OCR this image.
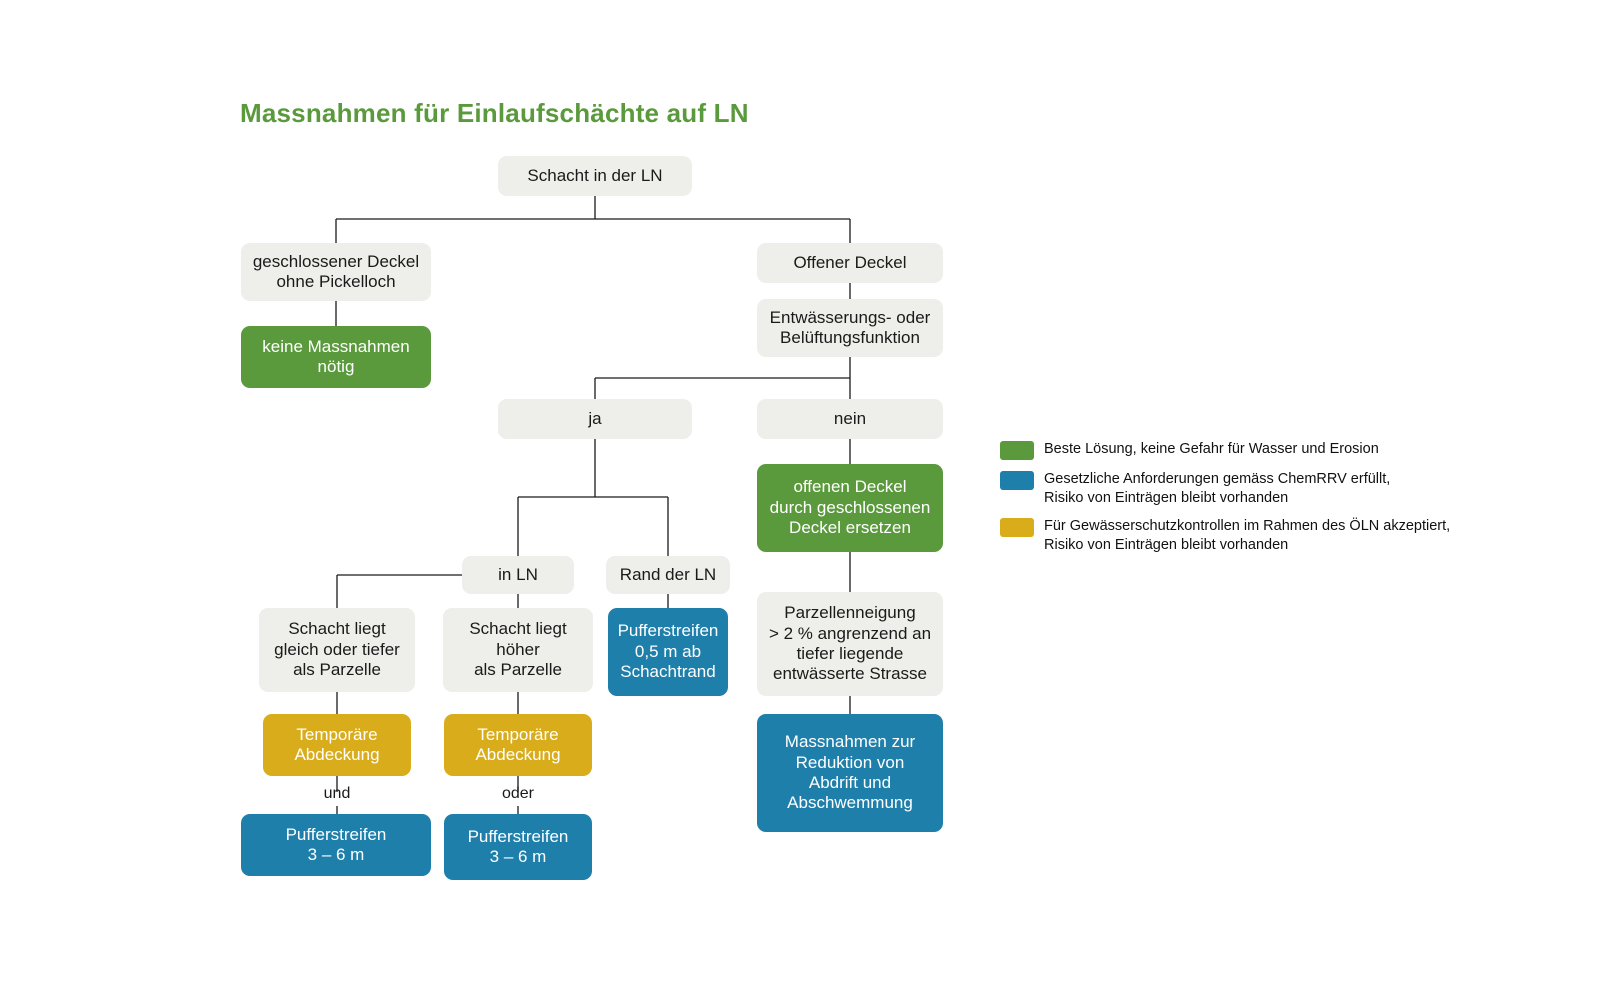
Massnahmen für Einlaufschächte auf LN
Schacht in der LN
geschlossener Deckel
ohne Pickelloch
Offener Deckel
keine Massnahmen
nötig
Entwässerungs- oder
Belüftungsfunktion
ja	nein
offenen Deckel
durch geschlossenen
Deckel ersetzen
in LN	Rand der LN
Schacht liegt
gleich oder tiefer
als Parzelle
Schacht liegt
höher
als Parzelle
Pufferstreifen
0,5 m ab
Schachtrand
Parzellenneigung
> 2 % angrenzend an
tiefer liegende
entwässerte Strasse
Temporäre
Abdeckung
Temporäre
Abdeckung
Massnahmen zur
Reduktion von
Abdrift und
Abschwemmung
Pufferstreifen
3 – 6 m
Pufferstreifen
3 – 6 m
und	oder
Beste Lösung, keine Gefahr für Wasser und Erosion
Gesetzliche Anforderungen gemäss ChemRRV erfüllt,
Risiko von Einträgen bleibt vorhanden
Für Gewässerschutzkontrollen im Rahmen des ÖLN akzeptiert,
Risiko von Einträgen bleibt vorhanden
